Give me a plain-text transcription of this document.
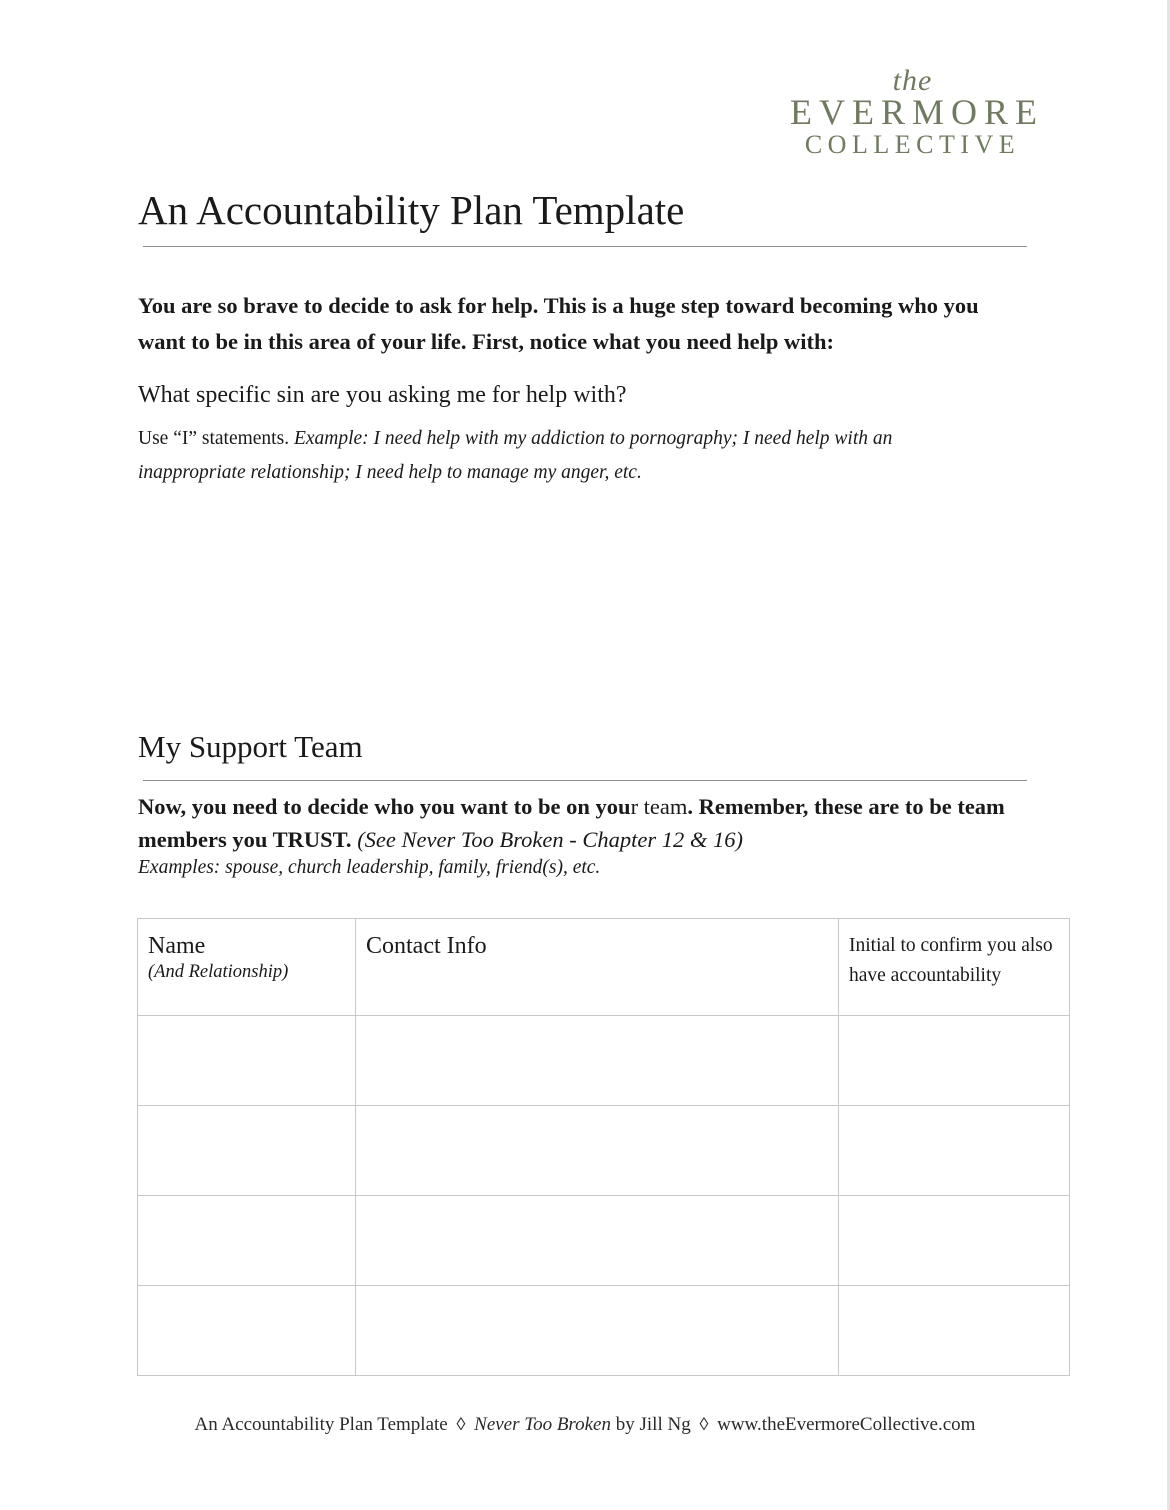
the
EVERMORE
COLLECTIVE
An Accountability Plan Template
You are so brave to decide to ask for help. This is a huge step toward becoming who you want to be in this area of your life. First, notice what you need help with:
What specific sin are you asking me for help with?
Use “I” statements. Example: I need help with my addiction to pornography; I need help with an inappropriate relationship; I need help to manage my anger, etc.
My Support Team
Now, you need to decide who you want to be on your team. Remember, these are to be team members you TRUST. (See Never Too Broken - Chapter 12 & 16)
Examples: spouse, church leadership, family, friend(s), etc.
Name
(And Relationship)	Contact Info	Initial to confirm you also have accountability

An Accountability Plan Template ◊ Never Too Broken by Jill Ng ◊ www.theEvermoreCollective.com
